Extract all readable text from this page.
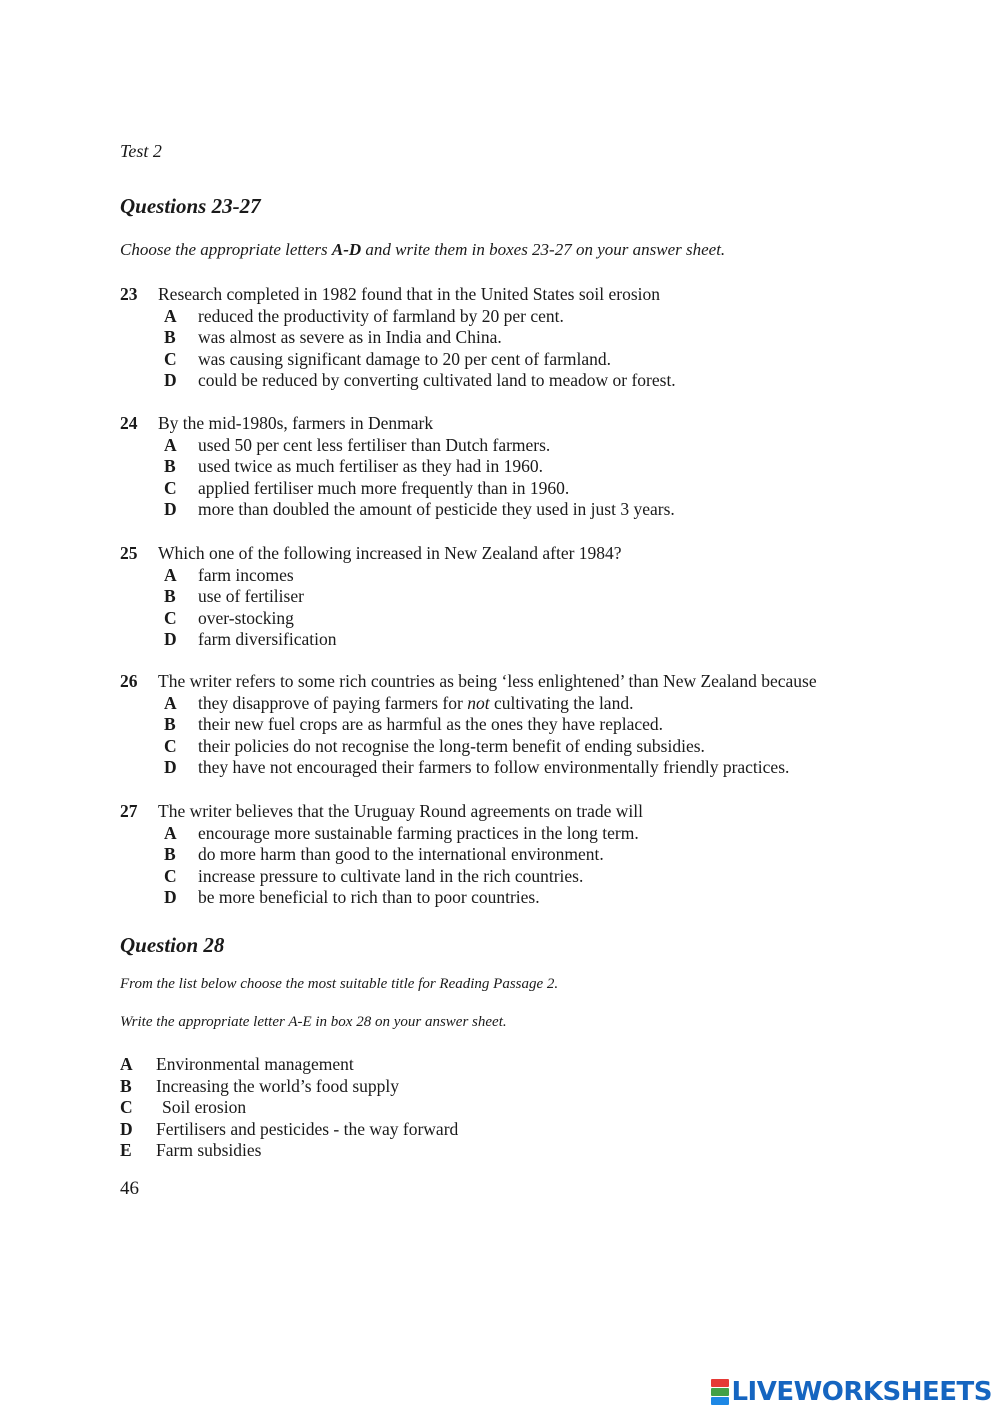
Test 2
Questions 23-27
Choose the appropriate letters A-D and write them in boxes 23-27 on your answer sheet.
23 Research completed in 1982 found that in the United States soil erosion
A reduced the productivity of farmland by 20 per cent.
B was almost as severe as in India and China.
C was causing significant damage to 20 per cent of farmland.
D could be reduced by converting cultivated land to meadow or forest.
24 By the mid-1980s, farmers in Denmark
A used 50 per cent less fertiliser than Dutch farmers.
B used twice as much fertiliser as they had in 1960.
C applied fertiliser much more frequently than in 1960.
D more than doubled the amount of pesticide they used in just 3 years.
25 Which one of the following increased in New Zealand after 1984?
A farm incomes
B use of fertiliser
C over-stocking
D farm diversification
26 The writer refers to some rich countries as being ‘less enlightened’ than New Zealand because
A they disapprove of paying farmers for not cultivating the land.
B their new fuel crops are as harmful as the ones they have replaced.
C their policies do not recognise the long-term benefit of ending subsidies.
D they have not encouraged their farmers to follow environmentally friendly practices.
27 The writer believes that the Uruguay Round agreements on trade will
A encourage more sustainable farming practices in the long term.
B do more harm than good to the international environment.
C increase pressure to cultivate land in the rich countries.
D be more beneficial to rich than to poor countries.
Question 28
From the list below choose the most suitable title for Reading Passage 2.
Write the appropriate letter A-E in box 28 on your answer sheet.
A Environmental management
B Increasing the world’s food supply
C Soil erosion
D Fertilisers and pesticides - the way forward
E Farm subsidies
46
LIVEWORKSHEETS
